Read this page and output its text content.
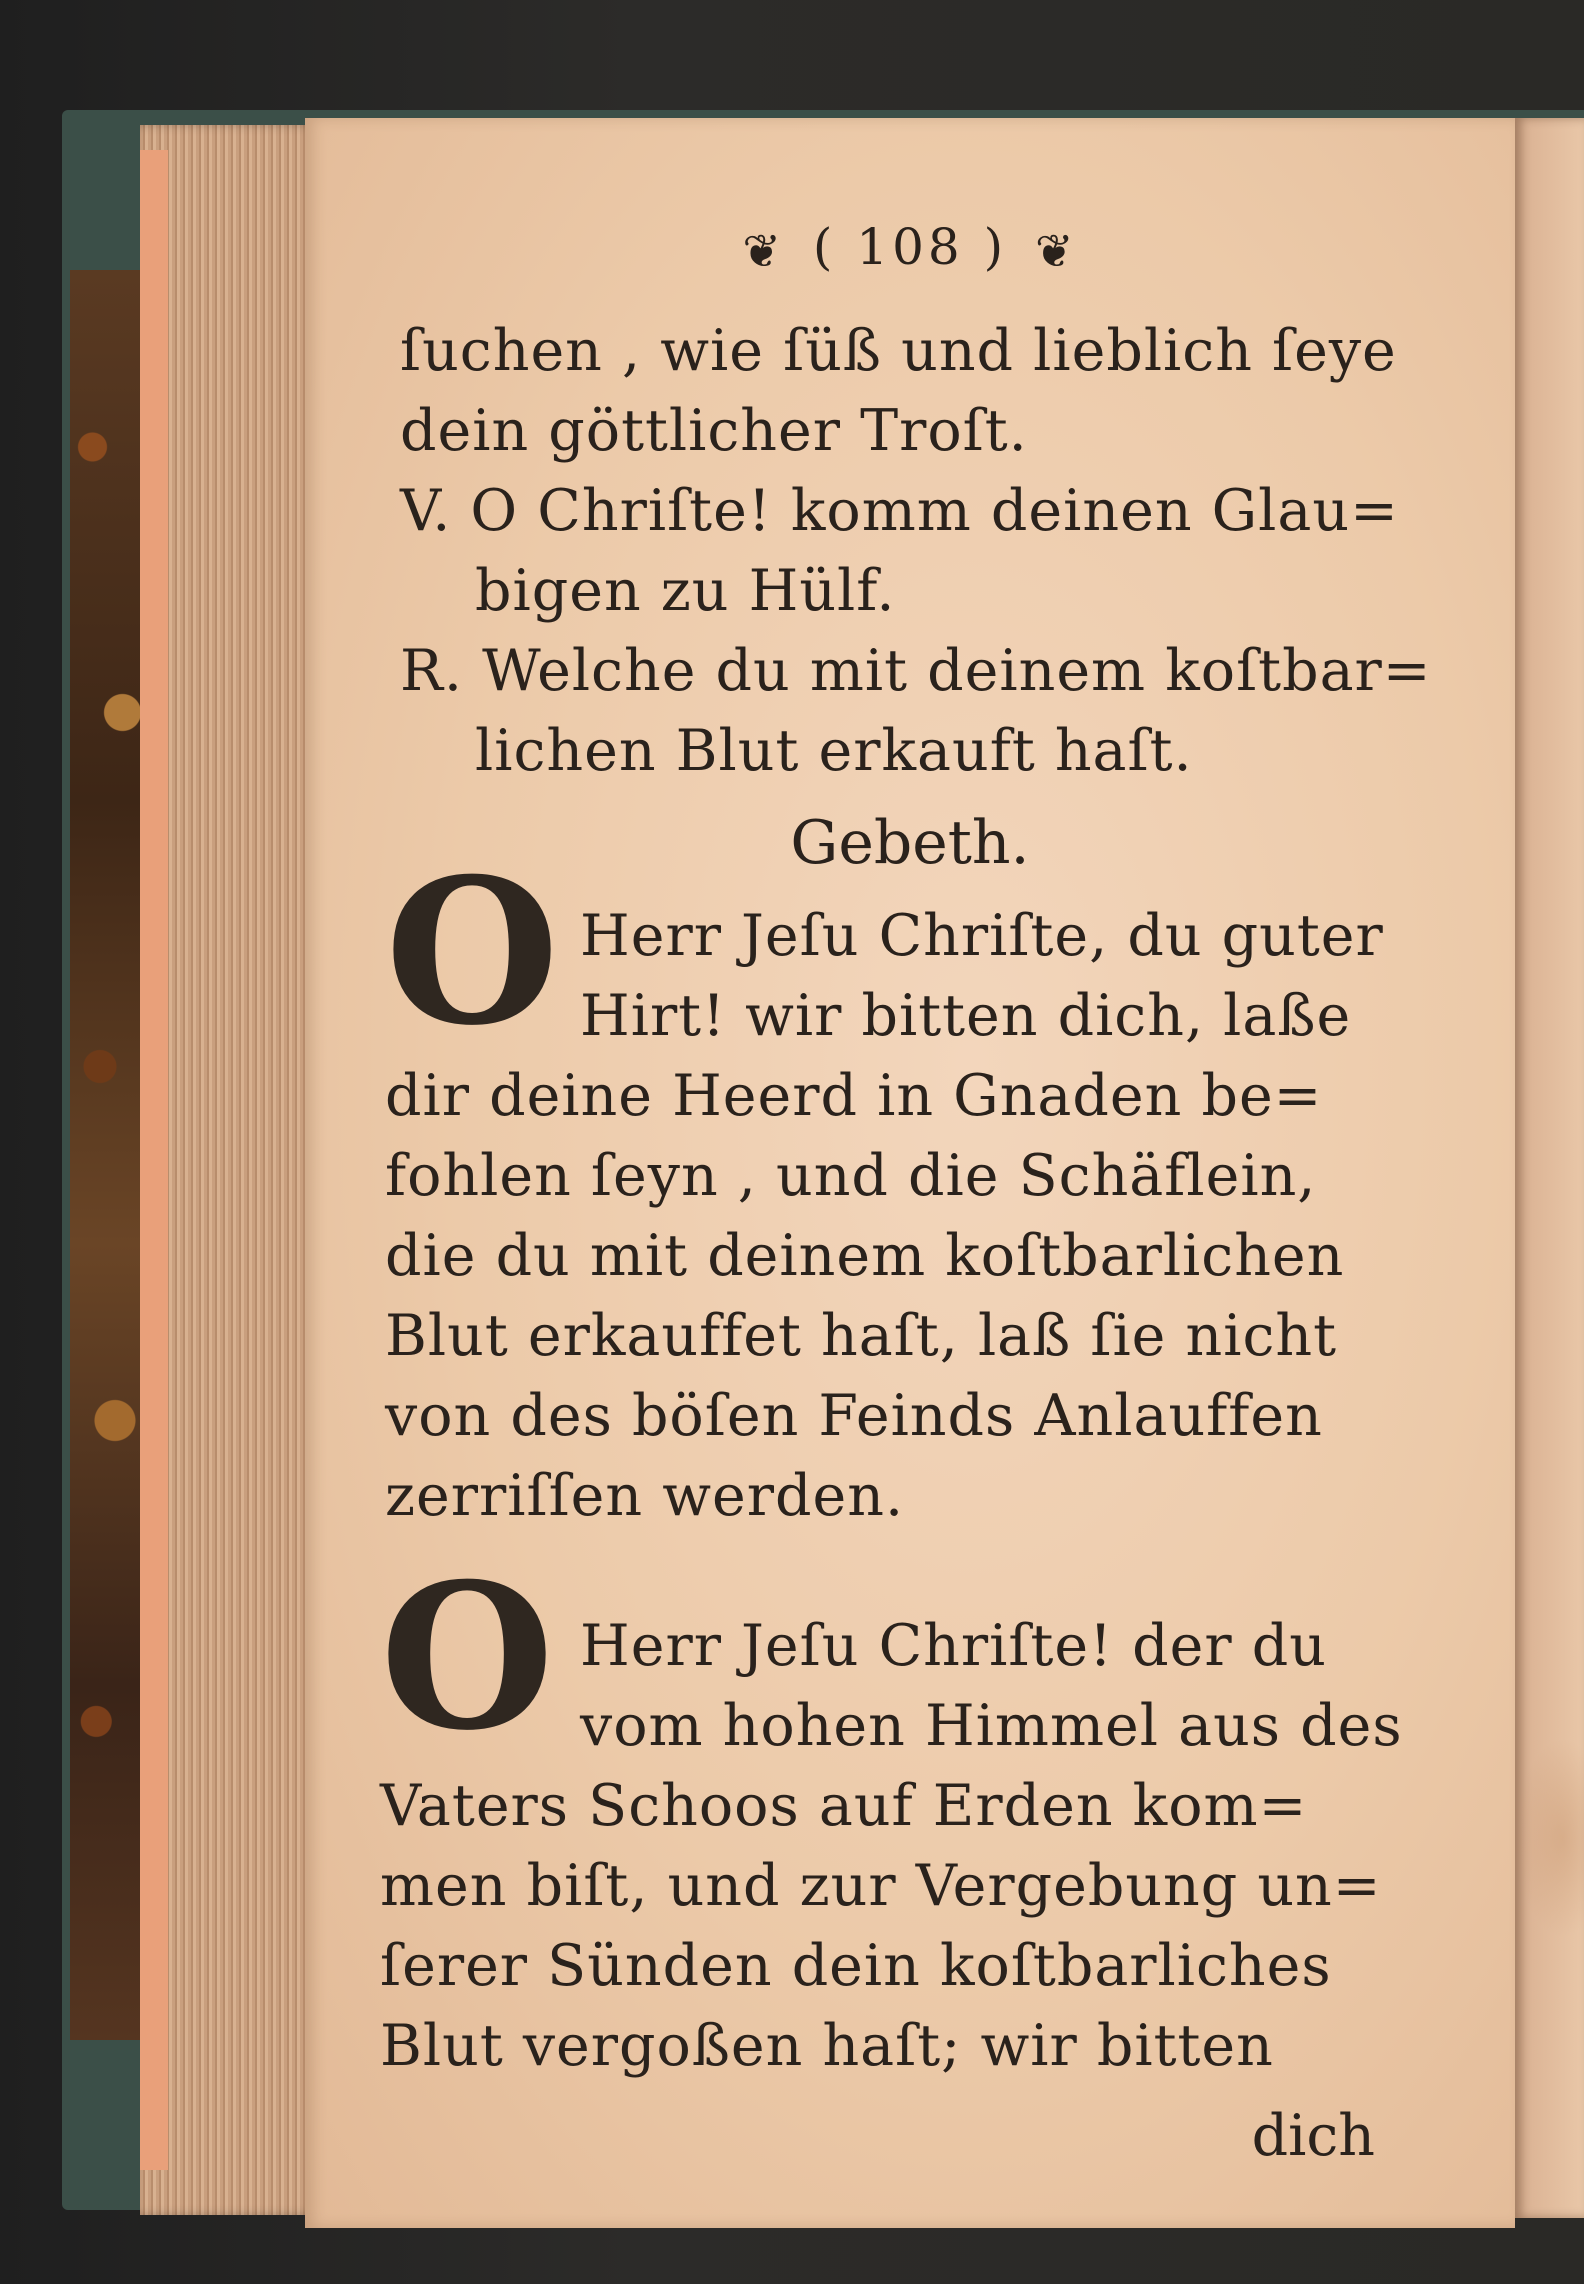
❦ ( 108 ) ❦
ſuchen , wie ſüß und lieblich ſeye
dein göttlicher Troſt.
V. O Chriſte! komm deinen Glau=
bigen zu Hülf.
R. Welche du mit deinem koſtbar=
lichen Blut erkauft haſt.
Gebeth.
O Herr Jeſu Chriſte, du guter
Hirt! wir bitten dich, laße
dir deine Heerd in Gnaden be=
fohlen ſeyn , und die Schäflein,
die du mit deinem koſtbarlichen
Blut erkauffet haſt, laß ſie nicht
von des böſen Feinds Anlauffen
zerriſſen werden.
O Herr Jeſu Chriſte! der du
vom hohen Himmel aus des
Vaters Schoos auf Erden kom=
men biſt, und zur Vergebung un=
ſerer Sünden dein koſtbarliches
Blut vergoßen haſt; wir bitten
dich
